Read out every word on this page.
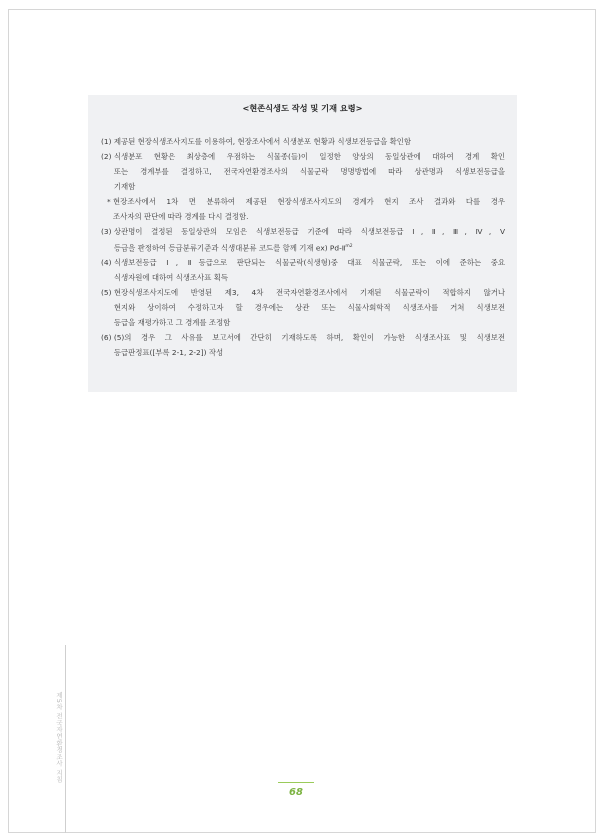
제5차 전국자연환경조사 지침
<현존식생도 작성 및 기재 요령>
(1) 제공된 현장식생조사지도를 이용하여, 현장조사에서 식생분포 현황과 식생보전등급을 확인함
(2) 식생분포 현황은 최상층에 우점하는 식물종(들)이 일정한 양상의 동일상관에 대하여 경계 확인
또는 경계부를 결정하고, 전국자연환경조사의 식물군락 명명방법에 따라 상관명과 식생보전등급을
기재함
* 현장조사에서 1차 면 분류하여 제공된 현장식생조사지도의 경계가 현지 조사 결과와 다를 경우
조사자의 판단에 따라 경계를 다시 결정함.
(3) 상관명이 결정된 동일상관의 모임은 식생보전등급 기준에 따라 식생보전등급 Ⅰ, Ⅱ, Ⅲ, Ⅳ, Ⅴ
등급을 판정하여 등급분류기준과 식생대분류 코드를 함께 기재 ex) Pd-Ⅱ$^{m2}$
(4) 식생보전등급 Ⅰ, Ⅱ등급으로 판단되는 식물군락(식생형)중 대표 식물군락, 또는 이에 준하는 중요
식생자원에 대하여 식생조사표 획득
(5) 현장식생조사지도에 반영된 제3, 4차 전국자연환경조사에서 기재된 식물군락이 적합하지 않거나
현지와 상이하여 수정하고자 할 경우에는 상관 또는 식물사회학적 식생조사를 거쳐 식생보전
등급을 재평가하고 그 경계를 조정함
(6) (5)의 경우 그 사유를 보고서에 간단히 기재하도록 하며, 확인이 가능한 식생조사표 및 식생보전
등급판정표([부록 2-1, 2-2]) 작성
68
